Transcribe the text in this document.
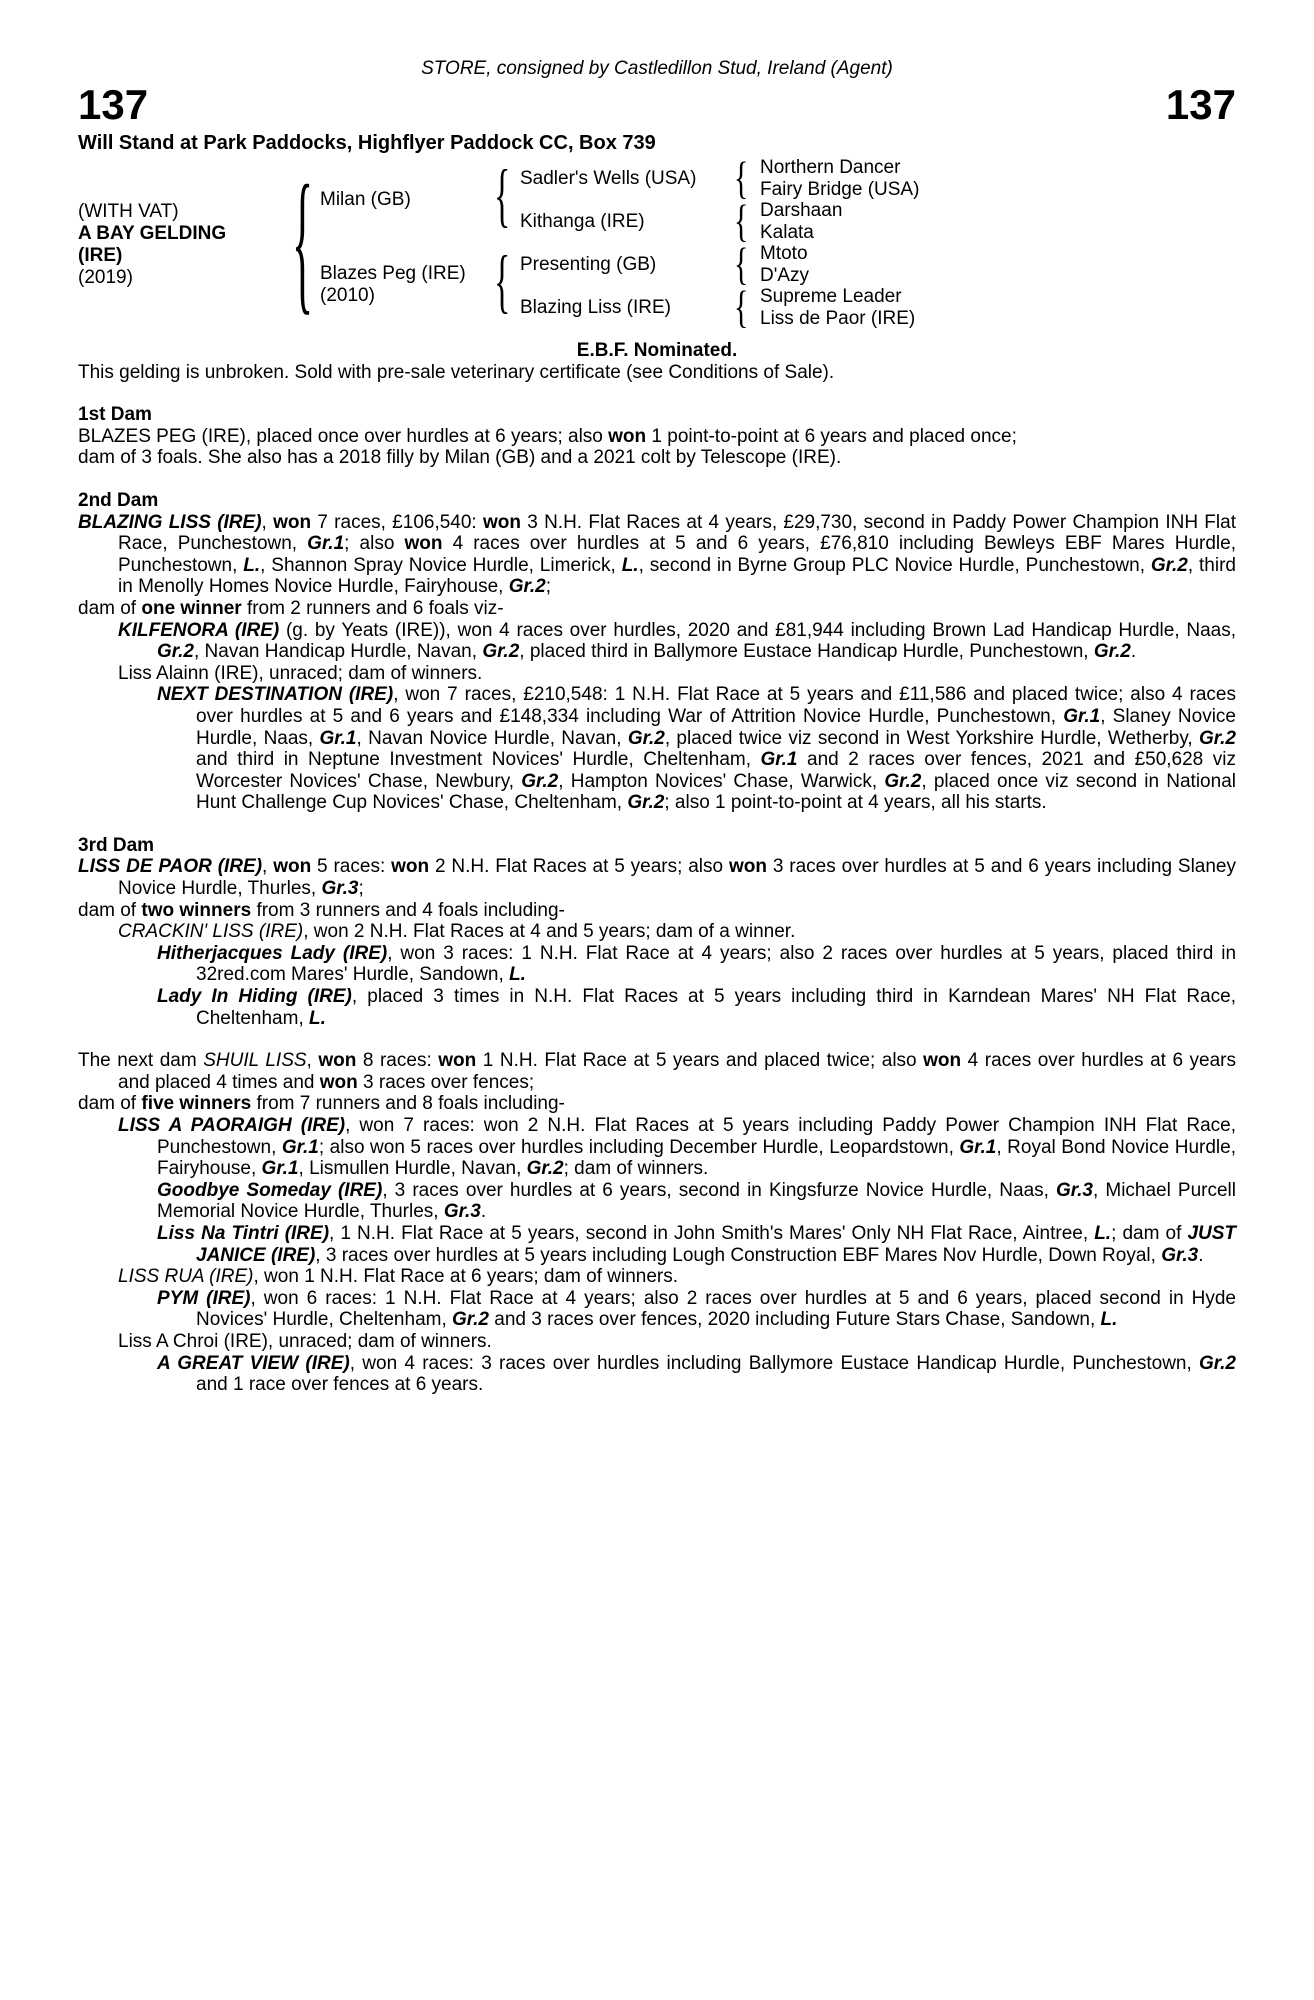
STORE, consigned by Castledillon Stud, Ireland (Agent)
137	137
Will Stand at Park Paddocks, Highflyer Paddock CC, Box 739
(WITH VAT)
A BAY GELDING
(IRE)
(2019)	{ Milan (GB)
Blazes Peg (IRE)
(2010)
{
{
Sadler's Wells (USA)
Kithanga (IRE)
Presenting (GB)
Blazing Liss (IRE)
{
{
{
{
Northern Dancer
Fairy Bridge (USA)
Darshaan
Kalata
Mtoto
D'Azy
Supreme Leader
Liss de Paor (IRE)
E.B.F. Nominated.
This gelding is unbroken. Sold with pre-sale veterinary certificate (see Conditions of Sale).
1st Dam

BLAZES PEG (IRE), placed once over hurdles at 6 years; also won 1 point-to-point at 6 years and placed once;

dam of 3 foals. She also has a 2018 filly by Milan (GB) and a 2021 colt by Telescope (IRE).

2nd Dam

BLAZING LISS (IRE), won 7 races, £106,540: won 3 N.H. Flat Races at 4 years, £29,730, second in Paddy Power Champion INH Flat Race, Punchestown, Gr.1; also won 4 races over hurdles at 5 and 6 years, £76,810 including Bewleys EBF Mares Hurdle, Punchestown, L., Shannon Spray Novice Hurdle, Limerick, L., second in Byrne Group PLC Novice Hurdle, Punchestown, Gr.2, third in Menolly Homes Novice Hurdle, Fairyhouse, Gr.2;

dam of one winner from 2 runners and 6 foals viz-

KILFENORA (IRE) (g. by Yeats (IRE)), won 4 races over hurdles, 2020 and £81,944 including Brown Lad Handicap Hurdle, Naas, Gr.2, Navan Handicap Hurdle, Navan, Gr.2, placed third in Ballymore Eustace Handicap Hurdle, Punchestown, Gr.2.

Liss Alainn (IRE), unraced; dam of winners.

NEXT DESTINATION (IRE), won 7 races, £210,548: 1 N.H. Flat Race at 5 years and £11,586 and placed twice; also 4 races over hurdles at 5 and 6 years and £148,334 including War of Attrition Novice Hurdle, Punchestown, Gr.1, Slaney Novice Hurdle, Naas, Gr.1, Navan Novice Hurdle, Navan, Gr.2, placed twice viz second in West Yorkshire Hurdle, Wetherby, Gr.2 and third in Neptune Investment Novices' Hurdle, Cheltenham, Gr.1 and 2 races over fences, 2021 and £50,628 viz Worcester Novices' Chase, Newbury, Gr.2, Hampton Novices' Chase, Warwick, Gr.2, placed once viz second in National Hunt Challenge Cup Novices' Chase, Cheltenham, Gr.2; also 1 point-to-point at 4 years, all his starts.

3rd Dam

LISS DE PAOR (IRE), won 5 races: won 2 N.H. Flat Races at 5 years; also won 3 races over hurdles at 5 and 6 years including Slaney Novice Hurdle, Thurles, Gr.3;

dam of two winners from 3 runners and 4 foals including-

CRACKIN' LISS (IRE), won 2 N.H. Flat Races at 4 and 5 years; dam of a winner.

Hitherjacques Lady (IRE), won 3 races: 1 N.H. Flat Race at 4 years; also 2 races over hurdles at 5 years, placed third in 32red.com Mares' Hurdle, Sandown, L.

Lady In Hiding (IRE), placed 3 times in N.H. Flat Races at 5 years including third in Karndean Mares' NH Flat Race, Cheltenham, L.

The next dam SHUIL LISS, won 8 races: won 1 N.H. Flat Race at 5 years and placed twice; also won 4 races over hurdles at 6 years and placed 4 times and won 3 races over fences;

dam of five winners from 7 runners and 8 foals including-

LISS A PAORAIGH (IRE), won 7 races: won 2 N.H. Flat Races at 5 years including Paddy Power Champion INH Flat Race, Punchestown, Gr.1; also won 5 races over hurdles including December Hurdle, Leopardstown, Gr.1, Royal Bond Novice Hurdle, Fairyhouse, Gr.1, Lismullen Hurdle, Navan, Gr.2; dam of winners.

Goodbye Someday (IRE), 3 races over hurdles at 6 years, second in Kingsfurze Novice Hurdle, Naas, Gr.3, Michael Purcell Memorial Novice Hurdle, Thurles, Gr.3.

Liss Na Tintri (IRE), 1 N.H. Flat Race at 5 years, second in John Smith's Mares' Only NH Flat Race, Aintree, L.; dam of JUST JANICE (IRE), 3 races over hurdles at 5 years including Lough Construction EBF Mares Nov Hurdle, Down Royal, Gr.3.

LISS RUA (IRE), won 1 N.H. Flat Race at 6 years; dam of winners.

PYM (IRE), won 6 races: 1 N.H. Flat Race at 4 years; also 2 races over hurdles at 5 and 6 years, placed second in Hyde Novices' Hurdle, Cheltenham, Gr.2 and 3 races over fences, 2020 including Future Stars Chase, Sandown, L.

Liss A Chroi (IRE), unraced; dam of winners.

A GREAT VIEW (IRE), won 4 races: 3 races over hurdles including Ballymore Eustace Handicap Hurdle, Punchestown, Gr.2 and 1 race over fences at 6 years.
